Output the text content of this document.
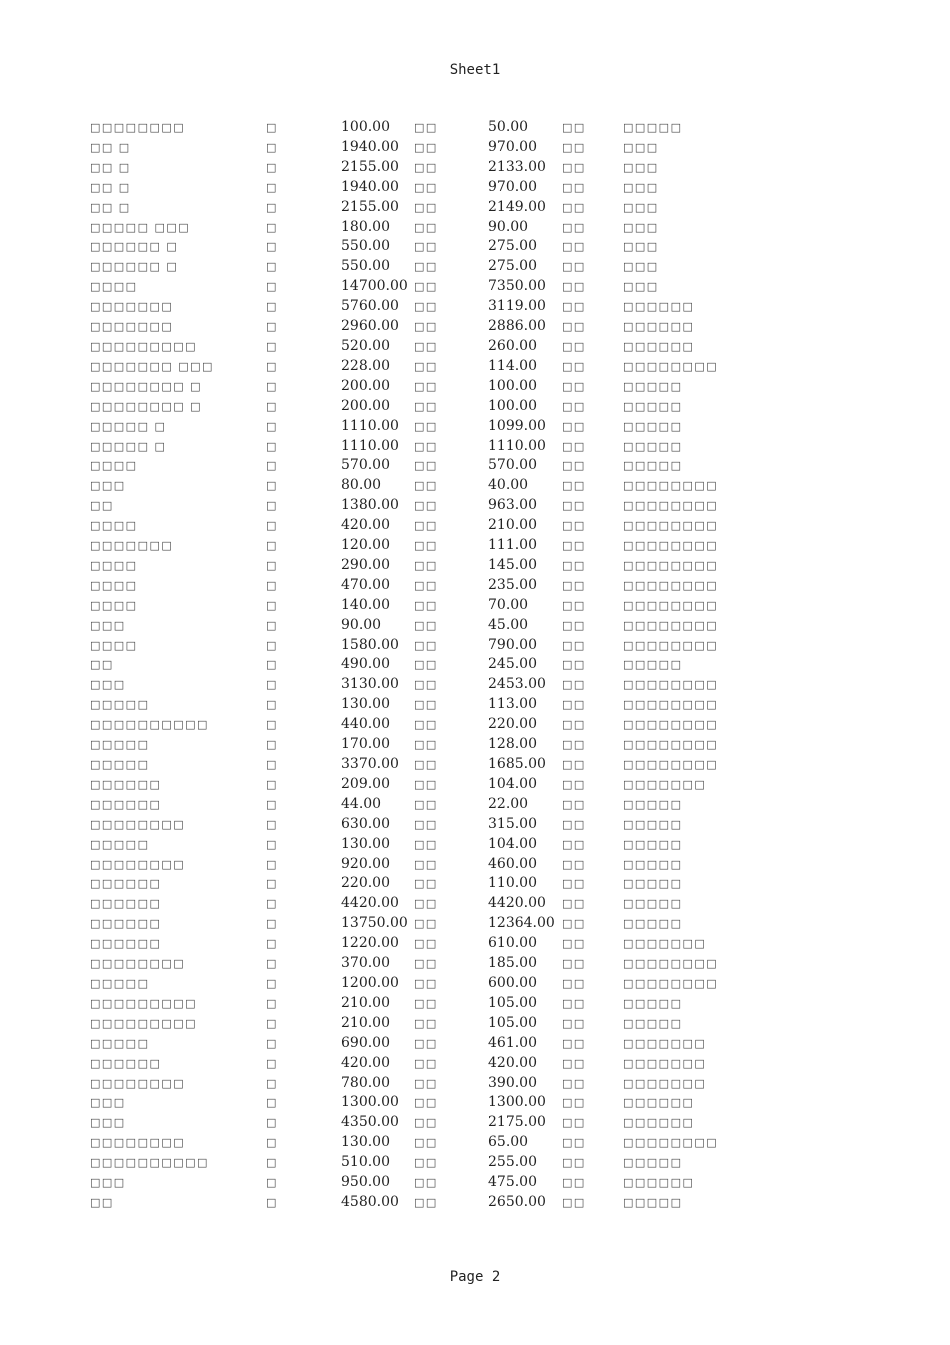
Sheet1
□□□□□□□□	□	100.00 □□	50.00	□□	□□□□□
□□ □	□	1940.00 □□	970.00 □□	□□□
□□ □	□	2155.00 □□	2133.00 □□	□□□
□□ □	□	1940.00 □□	970.00 □□	□□□
□□ □	□	2155.00 □□	2149.00 □□	□□□
□□□□□ □□□	□	180.00 □□	90.00	□□	□□□
□□□□□□ □	□	550.00 □□	275.00 □□	□□□
□□□□□□ □	□	550.00 □□	275.00 □□	□□□
□□□□	□	14700.00 □□	7350.00 □□	□□□
□□□□□□□	□	5760.00 □□	3119.00 □□	□□□□□□
□□□□□□□	□	2960.00 □□	2886.00 □□	□□□□□□
□□□□□□□□□	□	520.00 □□	260.00 □□	□□□□□□
□□□□□□□ □□□	□	228.00 □□	114.00 □□	□□□□□□□□
□□□□□□□□ □	□	200.00 □□	100.00 □□	□□□□□
□□□□□□□□ □	□	200.00 □□	100.00 □□	□□□□□
□□□□□ □	□	1110.00 □□	1099.00 □□	□□□□□
□□□□□ □	□	1110.00 □□	1110.00 □□	□□□□□
□□□□	□	570.00 □□	570.00 □□	□□□□□
□□□	□	80.00	□□	40.00	□□	□□□□□□□□
□□	□	1380.00 □□	963.00 □□	□□□□□□□□
□□□□	□	420.00 □□	210.00 □□	□□□□□□□□
□□□□□□□	□	120.00 □□	111.00 □□	□□□□□□□□
□□□□	□	290.00 □□	145.00 □□	□□□□□□□□
□□□□	□	470.00 □□	235.00 □□	□□□□□□□□
□□□□	□	140.00 □□	70.00	□□	□□□□□□□□
□□□	□	90.00	□□	45.00	□□	□□□□□□□□
□□□□	□	1580.00 □□	790.00 □□	□□□□□□□□
□□	□	490.00 □□	245.00 □□	□□□□□
□□□	□	3130.00 □□	2453.00 □□	□□□□□□□□
□□□□□	□	130.00 □□	113.00 □□	□□□□□□□□
□□□□□□□□□□	□	440.00 □□	220.00 □□	□□□□□□□□
□□□□□	□	170.00 □□	128.00 □□	□□□□□□□□
□□□□□	□	3370.00 □□	1685.00 □□	□□□□□□□□
□□□□□□	□	209.00 □□	104.00 □□	□□□□□□□
□□□□□□	□	44.00	□□	22.00	□□	□□□□□
□□□□□□□□	□	630.00 □□	315.00 □□	□□□□□
□□□□□	□	130.00 □□	104.00 □□	□□□□□
□□□□□□□□	□	920.00 □□	460.00 □□	□□□□□
□□□□□□	□	220.00 □□	110.00 □□	□□□□□
□□□□□□	□	4420.00 □□	4420.00 □□	□□□□□
□□□□□□	□	13750.00 □□	12364.00 □□	□□□□□
□□□□□□	□	1220.00 □□	610.00 □□	□□□□□□□
□□□□□□□□	□	370.00 □□	185.00 □□	□□□□□□□□
□□□□□	□	1200.00 □□	600.00 □□	□□□□□□□□
□□□□□□□□□	□	210.00 □□	105.00 □□	□□□□□
□□□□□□□□□	□	210.00 □□	105.00 □□	□□□□□
□□□□□	□	690.00 □□	461.00 □□	□□□□□□□
□□□□□□	□	420.00 □□	420.00 □□	□□□□□□□
□□□□□□□□	□	780.00 □□	390.00 □□	□□□□□□□
□□□	□	1300.00 □□	1300.00 □□	□□□□□□
□□□	□	4350.00 □□	2175.00 □□	□□□□□□
□□□□□□□□	□	130.00 □□	65.00	□□	□□□□□□□□
□□□□□□□□□□	□	510.00 □□	255.00 □□	□□□□□
□□□	□	950.00 □□	475.00 □□	□□□□□□
□□	□	4580.00 □□	2650.00 □□	□□□□□
Page 2
